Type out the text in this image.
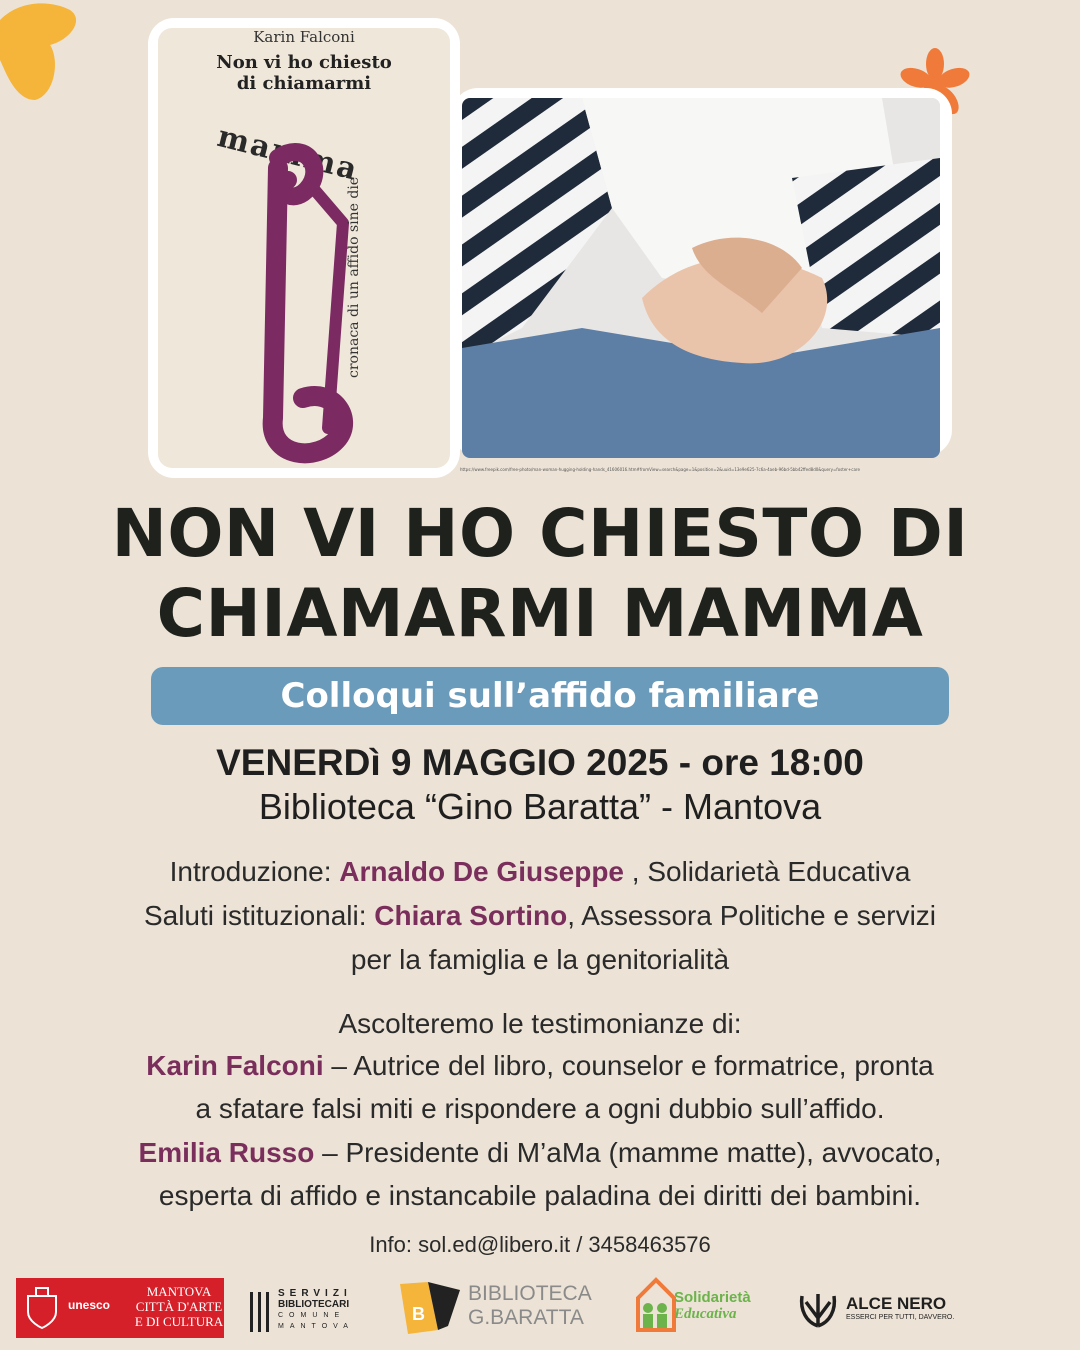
Karin Falconi
Non vi ho chiesto
di chiamarmi
mamma
cronaca di un affido sine die
https://www.freepik.com/free-photo/man-woman-hugging-holding-hands_41606016.htm#fromView=search&page=1&position=2&uuid=13e9e625-7c6a-4aeb-96bd-5bb42ffed8d0&query=foster+care
NON VI HO CHIESTO DI
CHIAMARMI MAMMA
Colloqui sull’affido familiare
VENERDì 9 MAGGIO 2025 - ore 18:00
Biblioteca “Gino Baratta” - Mantova
Introduzione: Arnaldo De Giuseppe , Solidarietà Educativa
Saluti istituzionali: Chiara Sortino, Assessora Politiche e servizi
per la famiglia e la genitorialità
Ascolteremo le testimonianze di:
Karin Falconi – Autrice del libro, counselor e formatrice, pronta
a sfatare falsi miti e rispondere a ogni dubbio sull’affido.
Emilia Russo – Presidente di M’aMa (mamme matte), avvocato,
esperta di affido e instancabile paladina dei diritti dei bambini.
Info: sol.ed@libero.it / 3458463576
unesco
MANTOVA
CITTÀ D'ARTE
E DI CULTURA
SERVIZI
BIBLIOTECARI
COMUNE
MANTOVA
B
BIBLIOTECA
G.BARATTA
Solidarietà
Educativa
ALCE NERO
ESSERCI PER TUTTI, DAVVERO.
